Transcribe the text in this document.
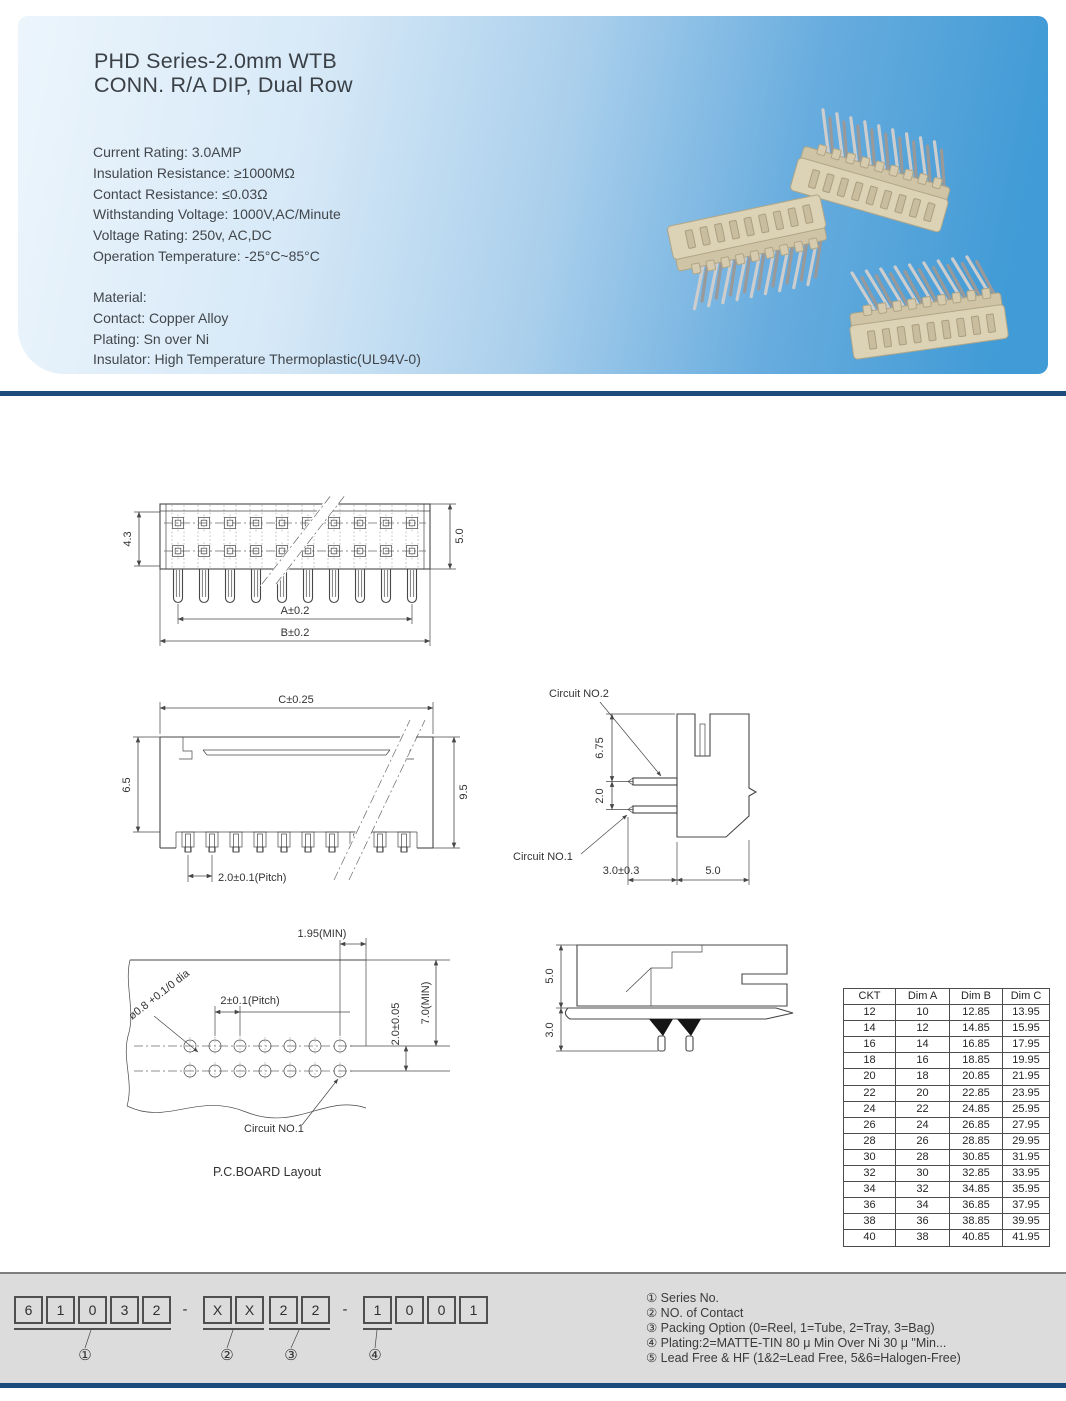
PHD Series-2.0mm WTB
CONN. R/A DIP, Dual Row
Current Rating: 3.0AMP
Insulation Resistance: ≥1000MΩ
Contact Resistance: ≤0.03Ω
Withstanding Voltage: 1000V,AC/Minute
Voltage Rating: 250v, AC,DC
Operation Temperature: -25°C~85°C
Material:
Contact: Copper Alloy
Plating: Sn over Ni
Insulator: High Temperature Thermoplastic(UL94V-0)
4.3	5.0
A±0.2
B±0.2
C±0.25
6.5	9.5
2.0±0.1(Pitch)
Circuit NO.2
Circuit NO.1
6.75
2.0
3.0±0.3	5.0
1.95(MIN)
2±0.1(Pitch)
2.0±0.05 7.0(MIN)
ø0.8 +0.1/0 dia
Circuit NO.1
P.C.BOARD Layout
5.0
3.0
CKT	Dim A	Dim B	Dim C
12	10	12.85	13.95
14	12	14.85	15.95
16	14	16.85	17.95
18	16	18.85	19.95
20	18	20.85	21.95
22	20	22.85	23.95
24	22	24.85	25.95
26	24	26.85	27.95
28	26	28.85	29.95
30	28	30.85	31.95
32	30	32.85	33.95
34	32	34.85	35.95
36	34	36.85	37.95
38	36	38.85	39.95
40	38	40.85	41.95
6	1	0	3	2	-	X	X	2	2	-	1	0	0	1
①	②	③	④
① Series No.
② NO. of Contact
③ Packing Option (0=Reel, 1=Tube, 2=Tray, 3=Bag)
④ Plating:2=MATTE-TIN 80 μ Min Over Ni 30 μ "Min...
⑤ Lead Free & HF (1&2=Lead Free, 5&6=Halogen-Free)
